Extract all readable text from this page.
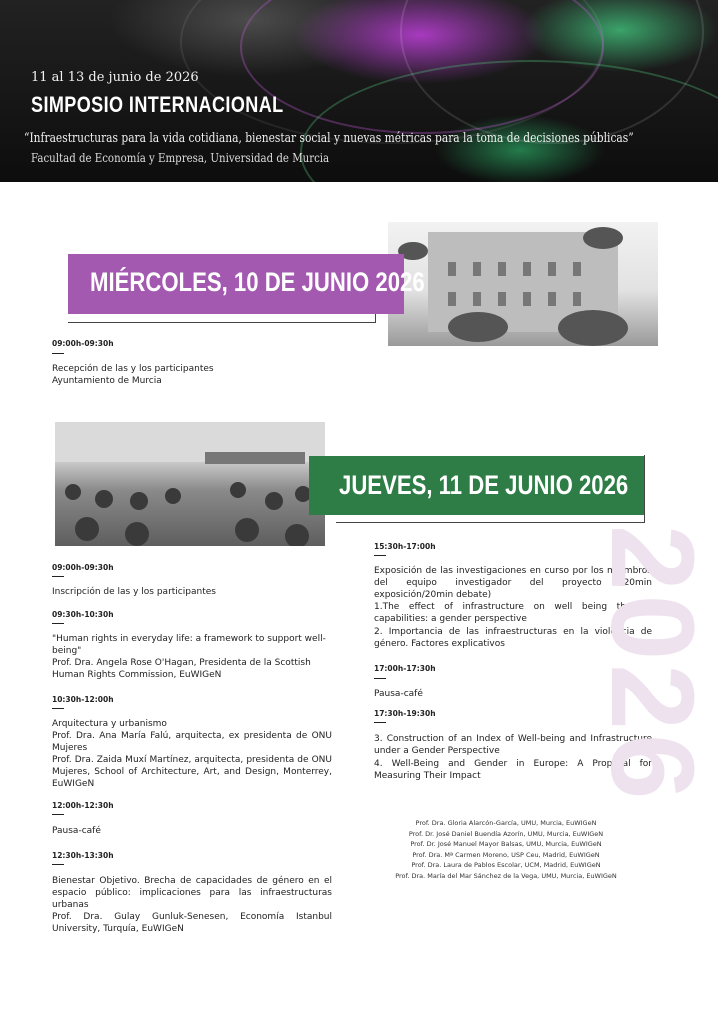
11 al 13 de junio de 2026
SIMPOSIO INTERNACIONAL
“Infraestructuras para la vida cotidiana, bienestar social y nuevas métricas para la toma de decisiones públicas”
Facultad de Economía y Empresa, Universidad de Murcia
MIÉRCOLES, 10 DE JUNIO 2026
09:00h-09:30h
Recepción de las y los participantes
Ayuntamiento de Murcia
JUEVES, 11 DE JUNIO 2026
09:00h-09:30h
Inscripción de las y los participantes
09:30h-10:30h
"Human rights in everyday life: a framework to support well-being"
Prof. Dra. Angela Rose O'Hagan, Presidenta de la Scottish Human Rights Commission, EuWIGeN
10:30h-12:00h
Arquitectura y urbanismo
Prof. Dra. Ana María Falú, arquitecta, ex presidenta de ONU Mujeres
Prof. Dra. Zaida Muxí Martínez, arquitecta, presidenta de ONU Mujeres, School of Architecture, Art, and Design, Monterrey, EuWIGeN
12:00h-12:30h
Pausa-café
12:30h-13:30h
Bienestar Objetivo. Brecha de capacidades de género en el espacio público: implicaciones para las infraestructuras urbanas
Prof. Dra. Gulay Gunluk-Senesen, Economía Istanbul University, Turquía, EuWIGeN
15:30h-17:00h
Exposición de las investigaciones en curso por los miembros del equipo investigador del proyecto (20min exposición/20min debate)
1.The effect of infrastructure on well being through capabilities: a gender perspective
2. Importancia de las infraestructuras en la violencia de género. Factores explicativos
17:00h-17:30h
Pausa-café
17:30h-19:30h
3. Construction of an Index of Well-being and Infrastructure under a Gender Perspective
4. Well-Being and Gender in Europe: A Proposal for Measuring Their Impact
Prof. Dra. Gloria Alarcón-García, UMU, Murcia, EuWIGeN
Prof. Dr. José Daniel Buendía Azorín, UMU, Murcia, EuWIGeN
Prof. Dr. José Manuel Mayor Balsas, UMU, Murcia, EuWIGeN
Prof. Dra. Mª Carmen Moreno, USP Ceu, Madrid, EuWIGeN
Prof. Dra. Laura de Pablos Escolar, UCM, Madrid, EuWIGeN
Prof. Dra. María del Mar Sánchez de la Vega, UMU, Murcia, EuWIGeN
2026
